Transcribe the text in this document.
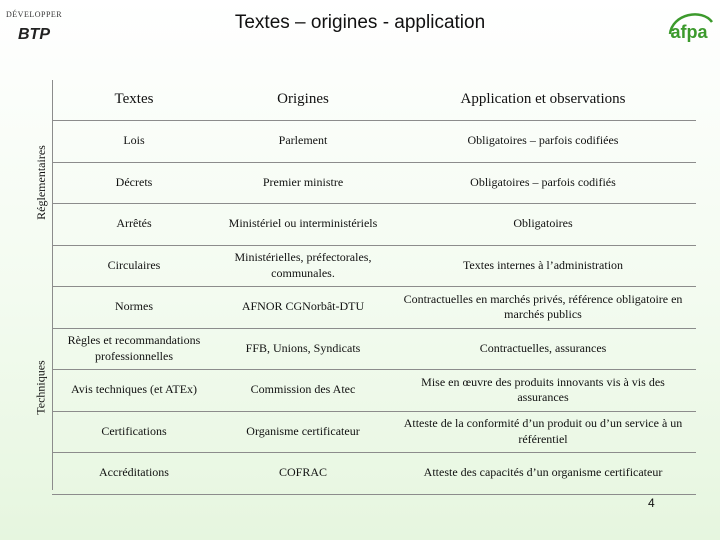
DÉVELOPPER
BTP
Textes – origines - application	afpa
Réglementaires
Techniques
Textes	Origines	Application et observations
Lois	Parlement	Obligatoires – parfois codifiées
Décrets	Premier ministre	Obligatoires – parfois codifiés
Arrêtés	Ministériel ou interministériels	Obligatoires
Circulaires	Ministérielles, préfectorales, communales.	Textes internes à l’administration
Normes	AFNOR CGNorbât-DTU	Contractuelles en marchés privés, référence obligatoire en marchés publics
Règles et recommandations professionnelles	FFB, Unions, Syndicats	Contractuelles, assurances
Avis techniques (et ATEx)	Commission des Atec	Mise en œuvre des produits innovants vis à vis des assurances
Certifications	Organisme certificateur	Atteste de la conformité d’un produit ou d’un service à un référentiel
Accréditations	COFRAC	Atteste des capacités d’un organisme certificateur
4
